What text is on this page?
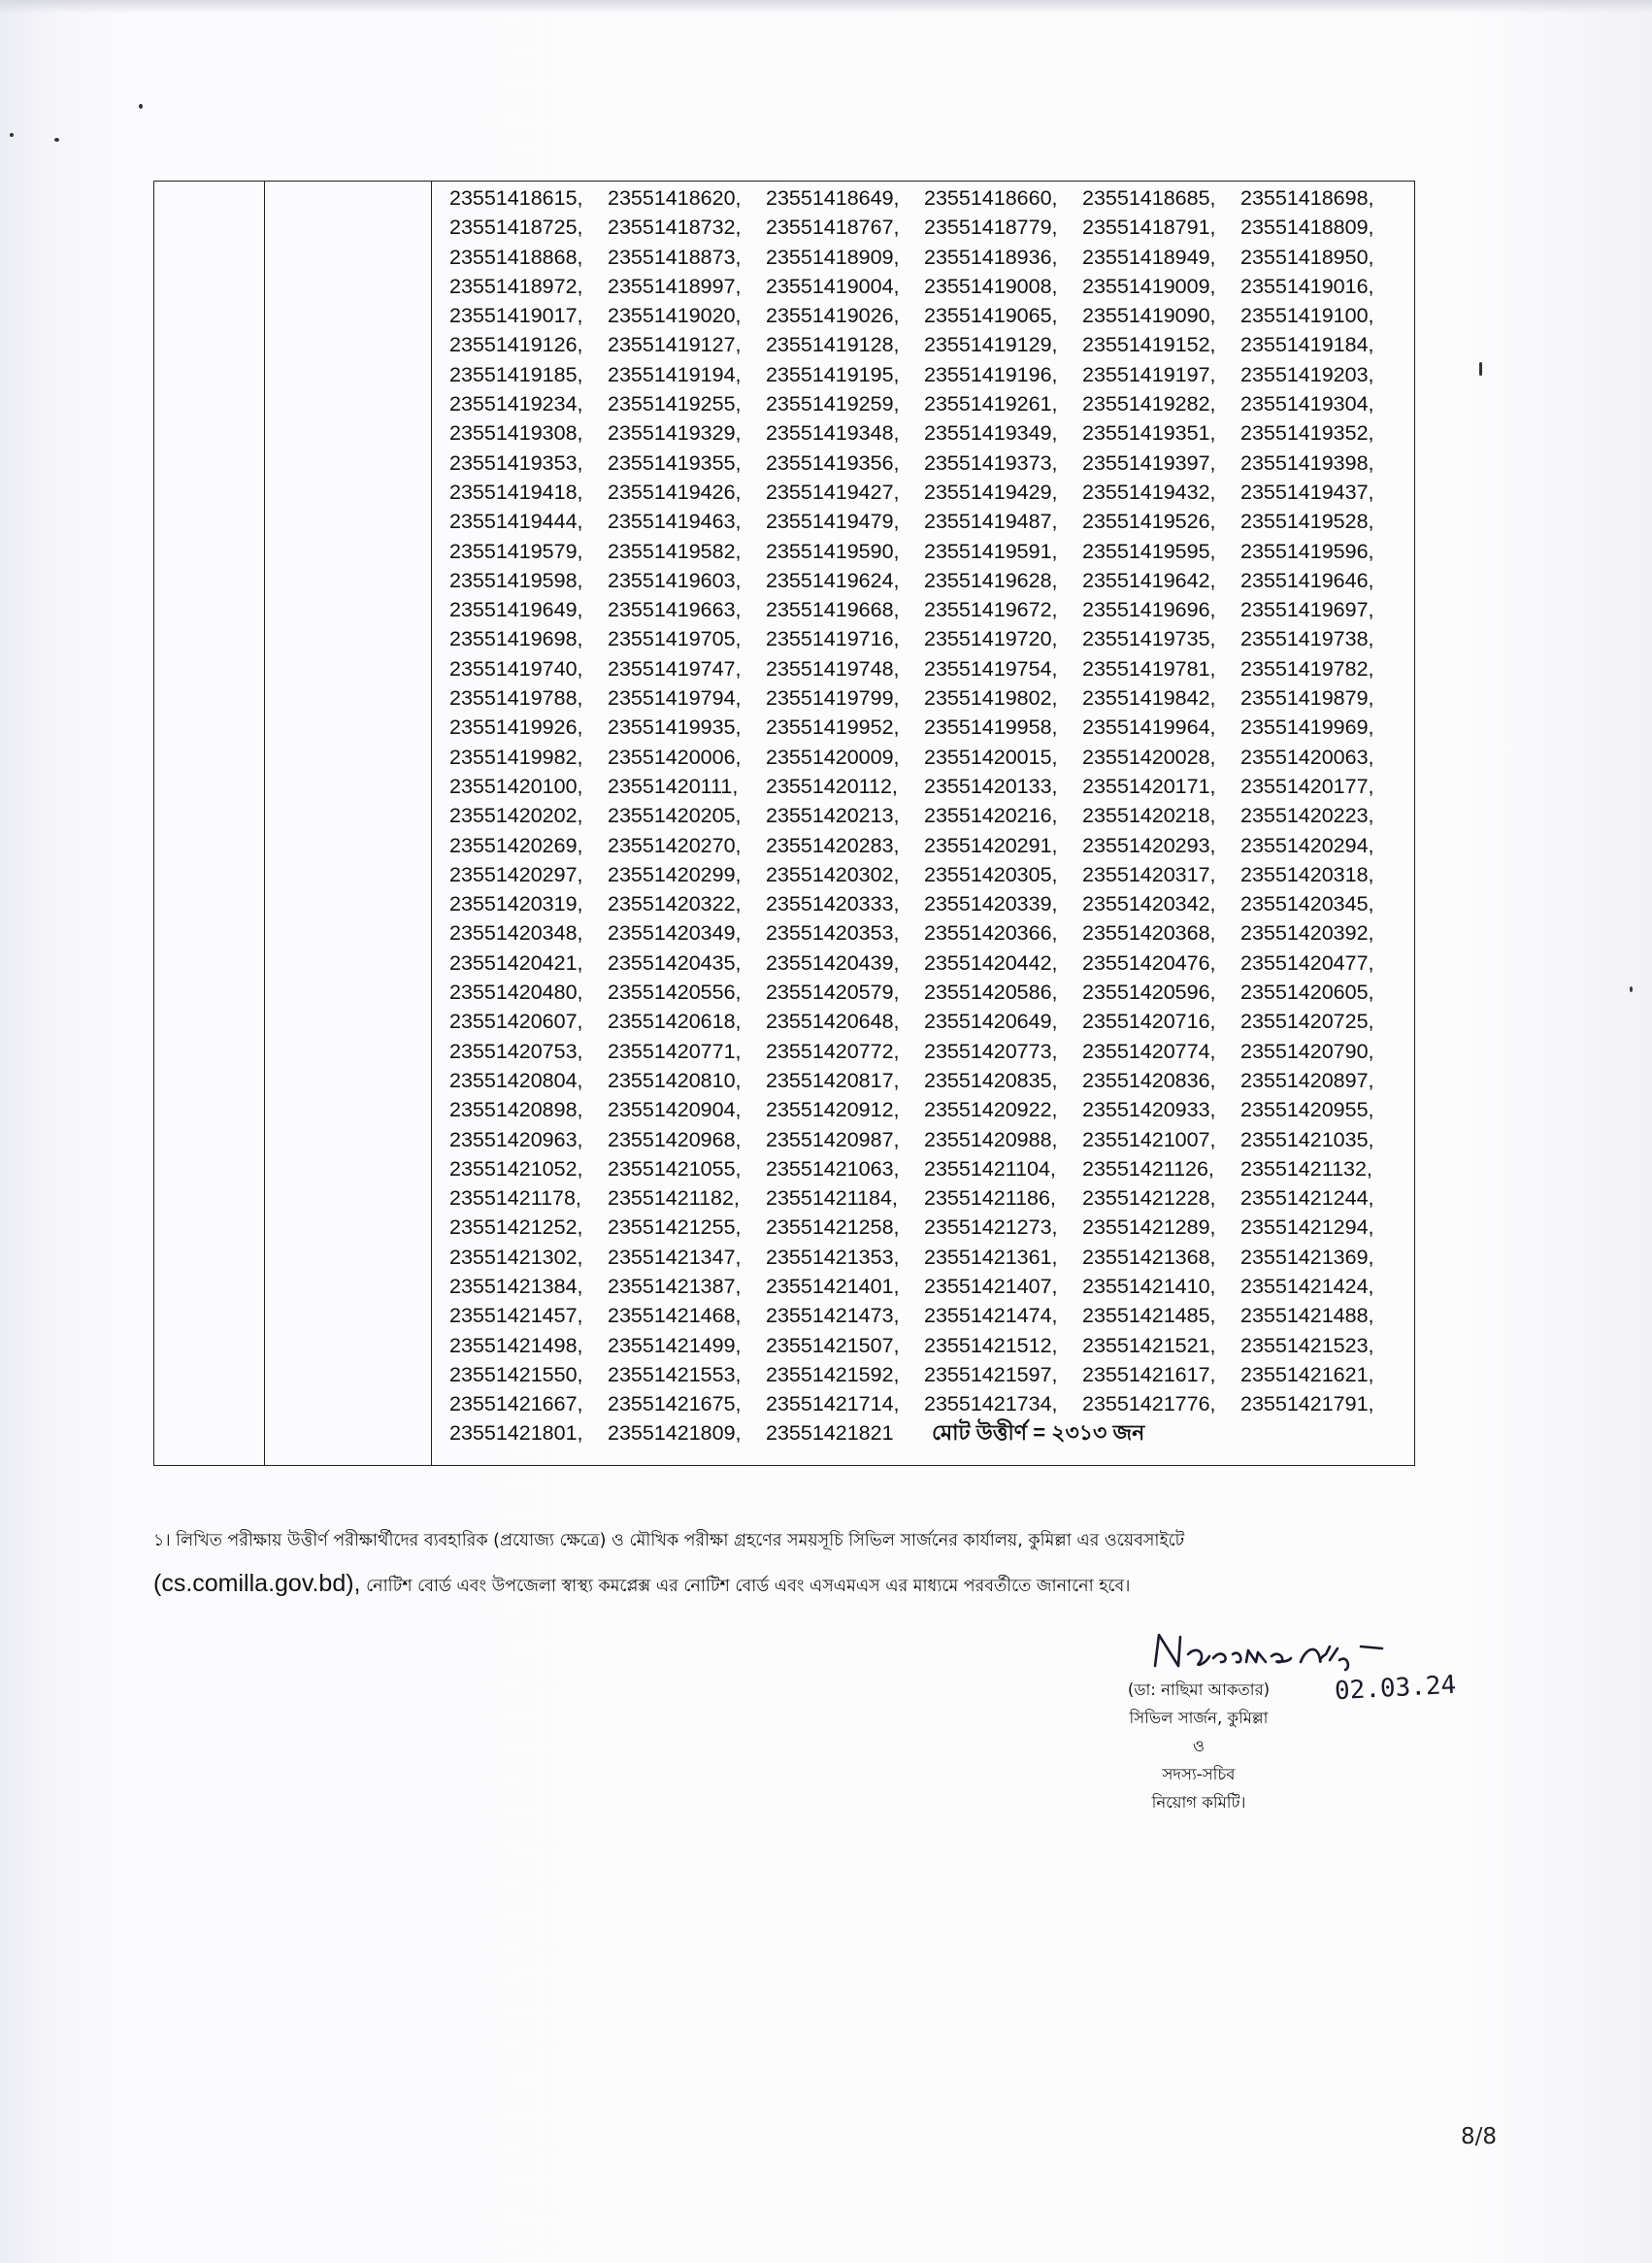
23551418615, 23551418620, 23551418649, 23551418660, 23551418685, 23551418698,
23551418725, 23551418732, 23551418767, 23551418779, 23551418791, 23551418809,
23551418868, 23551418873, 23551418909, 23551418936, 23551418949, 23551418950,
23551418972, 23551418997, 23551419004, 23551419008, 23551419009, 23551419016,
23551419017, 23551419020, 23551419026, 23551419065, 23551419090, 23551419100,
23551419126, 23551419127, 23551419128, 23551419129, 23551419152, 23551419184,
23551419185, 23551419194, 23551419195, 23551419196, 23551419197, 23551419203,
23551419234, 23551419255, 23551419259, 23551419261, 23551419282, 23551419304,
23551419308, 23551419329, 23551419348, 23551419349, 23551419351, 23551419352,
23551419353, 23551419355, 23551419356, 23551419373, 23551419397, 23551419398,
23551419418, 23551419426, 23551419427, 23551419429, 23551419432, 23551419437,
23551419444, 23551419463, 23551419479, 23551419487, 23551419526, 23551419528,
23551419579, 23551419582, 23551419590, 23551419591, 23551419595, 23551419596,
23551419598, 23551419603, 23551419624, 23551419628, 23551419642, 23551419646,
23551419649, 23551419663, 23551419668, 23551419672, 23551419696, 23551419697,
23551419698, 23551419705, 23551419716, 23551419720, 23551419735, 23551419738,
23551419740, 23551419747, 23551419748, 23551419754, 23551419781, 23551419782,
23551419788, 23551419794, 23551419799, 23551419802, 23551419842, 23551419879,
23551419926, 23551419935, 23551419952, 23551419958, 23551419964, 23551419969,
23551419982, 23551420006, 23551420009, 23551420015, 23551420028, 23551420063,
23551420100, 23551420111, 23551420112, 23551420133, 23551420171, 23551420177,
23551420202, 23551420205, 23551420213, 23551420216, 23551420218, 23551420223,
23551420269, 23551420270, 23551420283, 23551420291, 23551420293, 23551420294,
23551420297, 23551420299, 23551420302, 23551420305, 23551420317, 23551420318,
23551420319, 23551420322, 23551420333, 23551420339, 23551420342, 23551420345,
23551420348, 23551420349, 23551420353, 23551420366, 23551420368, 23551420392,
23551420421, 23551420435, 23551420439, 23551420442, 23551420476, 23551420477,
23551420480, 23551420556, 23551420579, 23551420586, 23551420596, 23551420605,
23551420607, 23551420618, 23551420648, 23551420649, 23551420716, 23551420725,
23551420753, 23551420771, 23551420772, 23551420773, 23551420774, 23551420790,
23551420804, 23551420810, 23551420817, 23551420835, 23551420836, 23551420897,
23551420898, 23551420904, 23551420912, 23551420922, 23551420933, 23551420955,
23551420963, 23551420968, 23551420987, 23551420988, 23551421007, 23551421035,
23551421052, 23551421055, 23551421063, 23551421104, 23551421126, 23551421132,
23551421178, 23551421182, 23551421184, 23551421186, 23551421228, 23551421244,
23551421252, 23551421255, 23551421258, 23551421273, 23551421289, 23551421294,
23551421302, 23551421347, 23551421353, 23551421361, 23551421368, 23551421369,
23551421384, 23551421387, 23551421401, 23551421407, 23551421410, 23551421424,
23551421457, 23551421468, 23551421473, 23551421474, 23551421485, 23551421488,
23551421498, 23551421499, 23551421507, 23551421512, 23551421521, 23551421523,
23551421550, 23551421553, 23551421592, 23551421597, 23551421617, 23551421621,
23551421667, 23551421675, 23551421714, 23551421734, 23551421776, 23551421791,
23551421801, 23551421809, 23551421821 মোট উত্তীর্ণ = ২৩১৩ জন
১। লিখিত পরীক্ষায় উত্তীর্ণ পরীক্ষার্থীদের ব্যবহারিক (প্রযোজ্য ক্ষেত্রে) ও মৌখিক পরীক্ষা গ্রহণের সময়সূচি সিভিল সার্জনের কার্যালয়, কুমিল্লা এর ওয়েবসাইটে
(cs.comilla.gov.bd), নোটিশ বোর্ড এবং উপজেলা স্বাস্থ্য কমপ্লেক্স এর নোটিশ বোর্ড এবং এসএমএস এর মাধ্যমে পরবর্তীতে জানানো হবে।
(ডা: নাছিমা আকতার)
সিভিল সার্জন, কুমিল্লা
ও
সদস্য-সচিব
নিয়োগ কমিটি।
02.03.24
8/8
